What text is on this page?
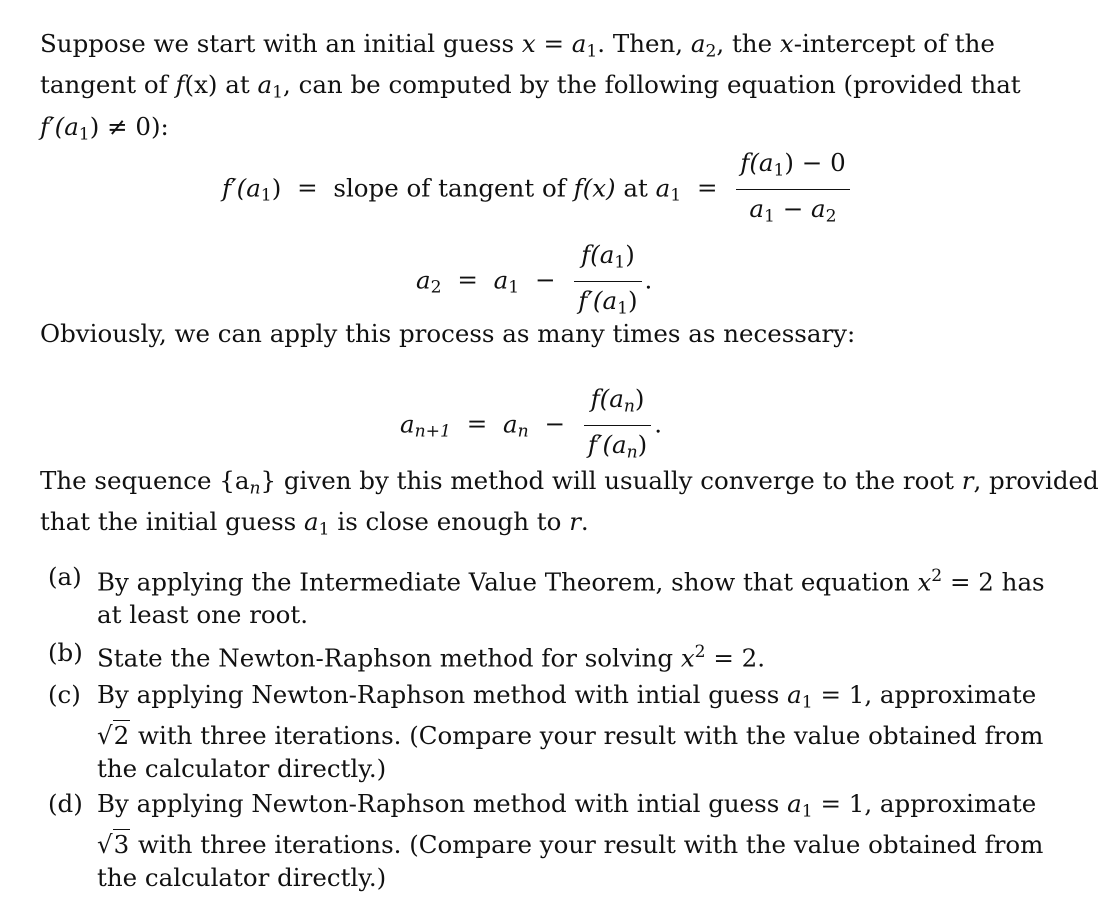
Suppose we start with an initial guess $x = a_1$. Then, $a_2$, the x-intercept of the
tangent of f(x) at $a_1$, can be computed by the following equation (provided that
$f'(a_1) \ne 0$):
$f'(a_1)$ = slope of tangent of f(x) at $a_1 = \frac{f(a_1) - 0}{a_1 - a_2}$
$a_2 = a_1 - \frac{f(a_1)}{f'(a_1)}$ .
Obviously, we can apply this process as many times as necessary:
an+1 = an − $\frac{f(an)}{f'(an)}$ .
The sequence {an} given by this method will usually converge to the root r, provided
that the initial guess $a_1$ is close enough to r.
(a) By applying the Intermediate Value Theorem, show that equation $x^2 = 2$ has
at least one root.
(b) State the Newton-Raphson method for solving $x^2 = 2$.
(c) By applying Newton-Raphson method with intial guess $a_1 = 1$, approximate
√2 with three iterations. (Compare your result with the value obtained from
the calculator directly.)
(d) By applying Newton-Raphson method with intial guess $a_1 = 1$, approximate
√3 with three iterations. (Compare your result with the value obtained from
the calculator directly.)
